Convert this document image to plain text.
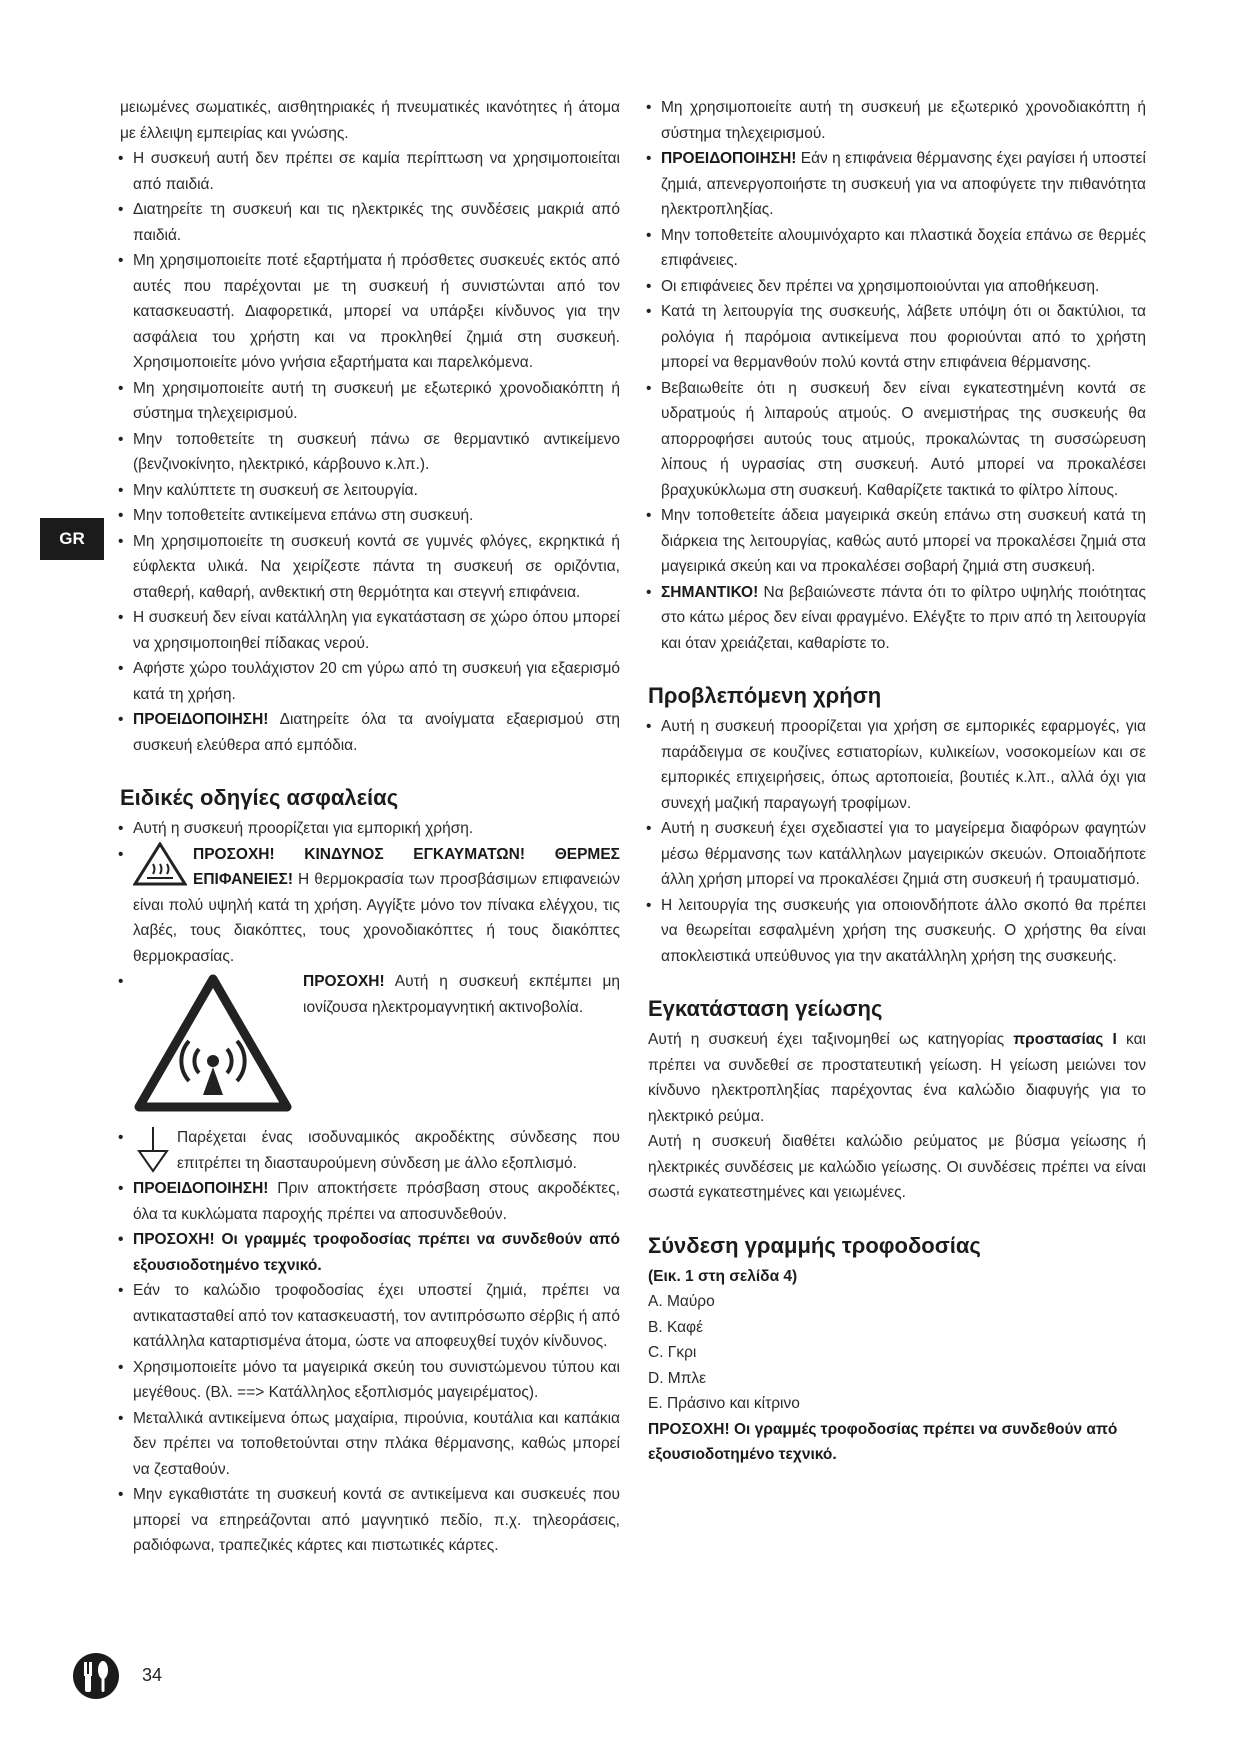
GR
μειωμένες σωματικές, αισθητηριακές ή πνευματικές ικανότητες ή άτομα με έλλειψη εμπειρίας και γνώσης.
• Η συσκευή αυτή δεν πρέπει σε καμία περίπτωση να χρησιμοποιείται από παιδιά.
• Διατηρείτε τη συσκευή και τις ηλεκτρικές της συνδέσεις μακριά από παιδιά.
• Μη χρησιμοποιείτε ποτέ εξαρτήματα ή πρόσθετες συσκευές εκτός από αυτές που παρέχονται με τη συσκευή ή συνιστώνται από τον κατασκευαστή. Διαφορετικά, μπορεί να υπάρξει κίνδυνος για την ασφάλεια του χρήστη και να προκληθεί ζημιά στη συσκευή. Χρησιμοποιείτε μόνο γνήσια εξαρτήματα και παρελκόμενα.
• Μη χρησιμοποιείτε αυτή τη συσκευή με εξωτερικό χρονοδιακόπτη ή σύστημα τηλεχειρισμού.
• Μην τοποθετείτε τη συσκευή πάνω σε θερμαντικό αντικείμενο (βενζινοκίνητο, ηλεκτρικό, κάρβουνο κ.λπ.).
• Μην καλύπτετε τη συσκευή σε λειτουργία.
• Μην τοποθετείτε αντικείμενα επάνω στη συσκευή.
• Μη χρησιμοποιείτε τη συσκευή κοντά σε γυμνές φλόγες, εκρηκτικά ή εύφλεκτα υλικά. Να χειρίζεστε πάντα τη συσκευή σε οριζόντια, σταθερή, καθαρή, ανθεκτική στη θερμότητα και στεγνή επιφάνεια.
• Η συσκευή δεν είναι κατάλληλη για εγκατάσταση σε χώρο όπου μπορεί να χρησιμοποιηθεί πίδακας νερού.
• Αφήστε χώρο τουλάχιστον 20 cm γύρω από τη συσκευή για εξαερισμό κατά τη χρήση.
• ΠΡΟΕΙΔΟΠΟΙΗΣΗ! Διατηρείτε όλα τα ανοίγματα εξαερισμού στη συσκευή ελεύθερα από εμπόδια.
Ειδικές οδηγίες ασφαλείας
• Αυτή η συσκευή προορίζεται για εμπορική χρήση.
• ΠΡΟΣΟΧΗ! ΚΙΝΔΥΝΟΣ ΕΓΚΑΥΜΑΤΩΝ! ΘΕΡΜΕΣ ΕΠΙΦΑΝΕΙΕΣ! Η θερμοκρασία των προσβάσιμων επιφανειών είναι πολύ υψηλή κατά τη χρήση. Αγγίξτε μόνο τον πίνακα ελέγχου, τις λαβές, τους διακόπτες, τους χρονοδιακόπτες ή τους διακόπτες θερμοκρασίας.
• ΠΡΟΣΟΧΗ! Αυτή η συσκευή εκπέμπει μη ιονίζουσα ηλεκτρομαγνητική ακτινοβολία.
• Παρέχεται ένας ισοδυναμικός ακροδέκτης σύνδεσης που επιτρέπει τη διασταυρούμενη σύνδεση με άλλο εξοπλισμό.
• ΠΡΟΕΙΔΟΠΟΙΗΣΗ! Πριν αποκτήσετε πρόσβαση στους ακροδέκτες, όλα τα κυκλώματα παροχής πρέπει να αποσυνδεθούν.
• ΠΡΟΣΟΧΗ! Οι γραμμές τροφοδοσίας πρέπει να συνδεθούν από εξουσιοδοτημένο τεχνικό.
• Εάν το καλώδιο τροφοδοσίας έχει υποστεί ζημιά, πρέπει να αντικατασταθεί από τον κατασκευαστή, τον αντιπρόσωπο σέρβις ή από κατάλληλα καταρτισμένα άτομα, ώστε να αποφευχθεί τυχόν κίνδυνος.
• Χρησιμοποιείτε μόνο τα μαγειρικά σκεύη του συνιστώμενου τύπου και μεγέθους. (Βλ. ==> Κατάλληλος εξοπλισμός μαγειρέματος).
• Μεταλλικά αντικείμενα όπως μαχαίρια, πιρούνια, κουτάλια και καπάκια δεν πρέπει να τοποθετούνται στην πλάκα θέρμανσης, καθώς μπορεί να ζεσταθούν.
• Μην εγκαθιστάτε τη συσκευή κοντά σε αντικείμενα και συσκευές που μπορεί να επηρεάζονται από μαγνητικό πεδίο, π.χ. τηλεοράσεις, ραδιόφωνα, τραπεζικές κάρτες και πιστωτικές κάρτες.
• Μη χρησιμοποιείτε αυτή τη συσκευή με εξωτερικό χρονοδιακόπτη ή σύστημα τηλεχειρισμού.
• ΠΡΟΕΙΔΟΠΟΙΗΣΗ! Εάν η επιφάνεια θέρμανσης έχει ραγίσει ή υποστεί ζημιά, απενεργοποιήστε τη συσκευή για να αποφύγετε την πιθανότητα ηλεκτροπληξίας.
• Μην τοποθετείτε αλουμινόχαρτο και πλαστικά δοχεία επάνω σε θερμές επιφάνειες.
• Οι επιφάνειες δεν πρέπει να χρησιμοποιούνται για αποθήκευση.
• Κατά τη λειτουργία της συσκευής, λάβετε υπόψη ότι οι δακτύλιοι, τα ρολόγια ή παρόμοια αντικείμενα που φοριούνται από το χρήστη μπορεί να θερμανθούν πολύ κοντά στην επιφάνεια θέρμανσης.
• Βεβαιωθείτε ότι η συσκευή δεν είναι εγκατεστημένη κοντά σε υδρατμούς ή λιπαρούς ατμούς. Ο ανεμιστήρας της συσκευής θα απορροφήσει αυτούς τους ατμούς, προκαλώντας τη συσσώρευση λίπους ή υγρασίας στη συσκευή. Αυτό μπορεί να προκαλέσει βραχυκύκλωμα στη συσκευή. Καθαρίζετε τακτικά το φίλτρο λίπους.
• Μην τοποθετείτε άδεια μαγειρικά σκεύη επάνω στη συσκευή κατά τη διάρκεια της λειτουργίας, καθώς αυτό μπορεί να προκαλέσει ζημιά στα μαγειρικά σκεύη και να προκαλέσει σοβαρή ζημιά στη συσκευή.
• ΣΗΜΑΝΤΙΚΟ! Να βεβαιώνεστε πάντα ότι το φίλτρο υψηλής ποιότητας στο κάτω μέρος δεν είναι φραγμένο. Ελέγξτε το πριν από τη λειτουργία και όταν χρειάζεται, καθαρίστε το.
Προβλεπόμενη χρήση
• Αυτή η συσκευή προορίζεται για χρήση σε εμπορικές εφαρμογές, για παράδειγμα σε κουζίνες εστιατορίων, κυλικείων, νοσοκομείων και σε εμπορικές επιχειρήσεις, όπως αρτοποιεία, βουτιές κ.λπ., αλλά όχι για συνεχή μαζική παραγωγή τροφίμων.
• Αυτή η συσκευή έχει σχεδιαστεί για το μαγείρεμα διαφόρων φαγητών μέσω θέρμανσης των κατάλληλων μαγειρικών σκευών. Οποιαδήποτε άλλη χρήση μπορεί να προκαλέσει ζημιά στη συσκευή ή τραυματισμό.
• Η λειτουργία της συσκευής για οποιονδήποτε άλλο σκοπό θα πρέπει να θεωρείται εσφαλμένη χρήση της συσκευής. Ο χρήστης θα είναι αποκλειστικά υπεύθυνος για την ακατάλληλη χρήση της συσκευής.
Εγκατάσταση γείωσης
Αυτή η συσκευή έχει ταξινομηθεί ως κατηγορίας προστασίας I και πρέπει να συνδεθεί σε προστατευτική γείωση. Η γείωση μειώνει τον κίνδυνο ηλεκτροπληξίας παρέχοντας ένα καλώδιο διαφυγής για το ηλεκτρικό ρεύμα.
Αυτή η συσκευή διαθέτει καλώδιο ρεύματος με βύσμα γείωσης ή ηλεκτρικές συνδέσεις με καλώδιο γείωσης. Οι συνδέσεις πρέπει να είναι σωστά εγκατεστημένες και γειωμένες.
Σύνδεση γραμμής τροφοδοσίας
(Εικ. 1 στη σελίδα 4)
A. Μαύρο
B. Καφέ
C. Γκρι
D. Μπλε
E. Πράσινο και κίτρινο
ΠΡΟΣΟΧΗ! Οι γραμμές τροφοδοσίας πρέπει να συνδεθούν από εξουσιοδοτημένο τεχνικό.
34
